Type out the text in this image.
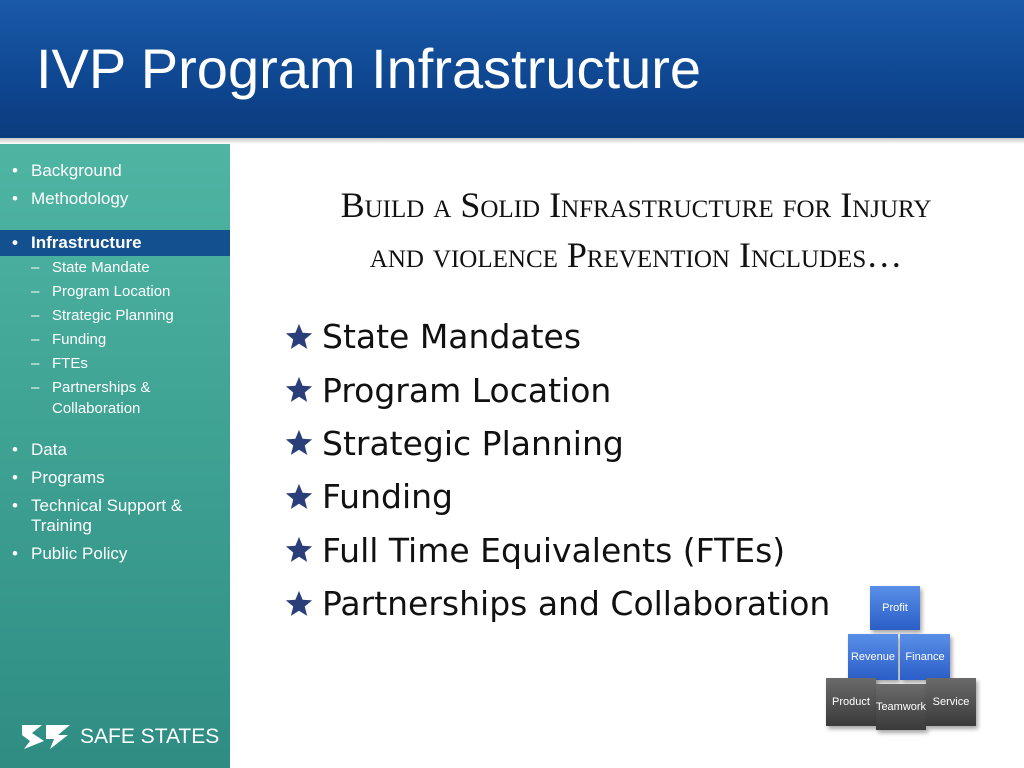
IVP Program Infrastructure
• Background
• Methodology
• Infrastructure
– State Mandate
– Program Location
– Strategic Planning
– Funding
– FTEs
– Partnerships & Collaboration
• Data
• Programs
• Technical Support & Training
• Public Policy
SAFE STATES
Build a Solid Infrastructure for Injury
and violence Prevention Includes…
State Mandates
Program Location
Strategic Planning
Funding
Full Time Equivalents (FTEs)
Partnerships and Collaboration	Profit
Revenue Finance
Product Teamwork Service
